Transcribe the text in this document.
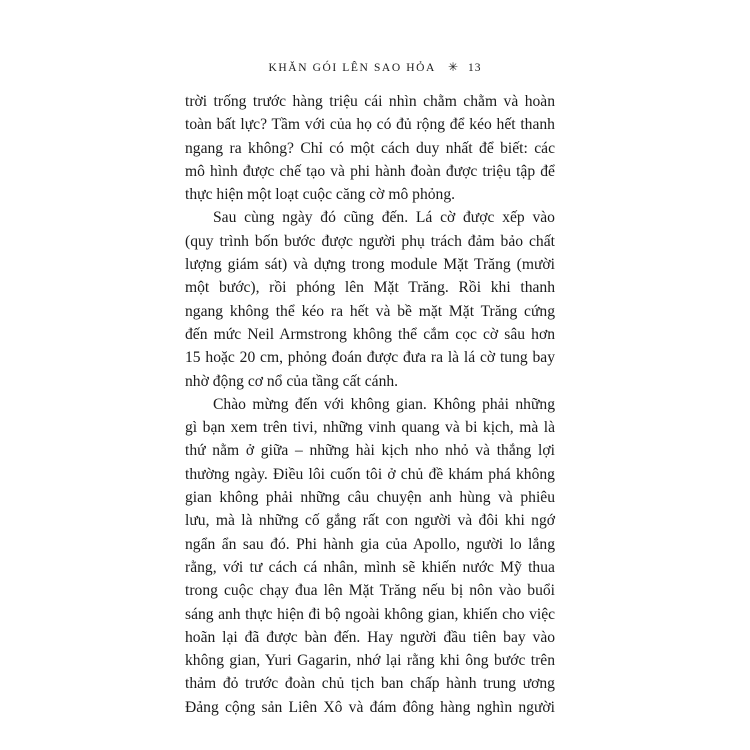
KHĂN GÓI LÊN SAO HỎA ✳ 13

trời trống trước hàng triệu cái nhìn chằm chằm và hoàn
toàn bất lực? Tầm với của họ có đủ rộng để kéo hết thanh
ngang ra không? Chỉ có một cách duy nhất để biết: các
mô hình được chế tạo và phi hành đoàn được triệu tập để
thực hiện một loạt cuộc căng cờ mô phỏng.

Sau cùng ngày đó cũng đến. Lá cờ được xếp vào
(quy trình bốn bước được người phụ trách đảm bảo chất
lượng giám sát) và dựng trong module Mặt Trăng (mười
một bước), rồi phóng lên Mặt Trăng. Rồi khi thanh
ngang không thể kéo ra hết và bề mặt Mặt Trăng cứng
đến mức Neil Armstrong không thể cắm cọc cờ sâu hơn
15 hoặc 20 cm, phỏng đoán được đưa ra là lá cờ tung bay
nhờ động cơ nổ của tầng cất cánh.

Chào mừng đến với không gian. Không phải những
gì bạn xem trên tivi, những vinh quang và bi kịch, mà là
thứ nằm ở giữa – những hài kịch nho nhỏ và thắng lợi
thường ngày. Điều lôi cuốn tôi ở chủ đề khám phá không
gian không phải những câu chuyện anh hùng và phiêu
lưu, mà là những cố gắng rất con người và đôi khi ngớ
ngẩn ẩn sau đó. Phi hành gia của Apollo, người lo lắng
rằng, với tư cách cá nhân, mình sẽ khiến nước Mỹ thua
trong cuộc chạy đua lên Mặt Trăng nếu bị nôn vào buổi
sáng anh thực hiện đi bộ ngoài không gian, khiến cho việc
hoãn lại đã được bàn đến. Hay người đầu tiên bay vào
không gian, Yuri Gagarin, nhớ lại rằng khi ông bước trên
thảm đỏ trước đoàn chủ tịch ban chấp hành trung ương
Đảng cộng sản Liên Xô và đám đông hàng nghìn người
